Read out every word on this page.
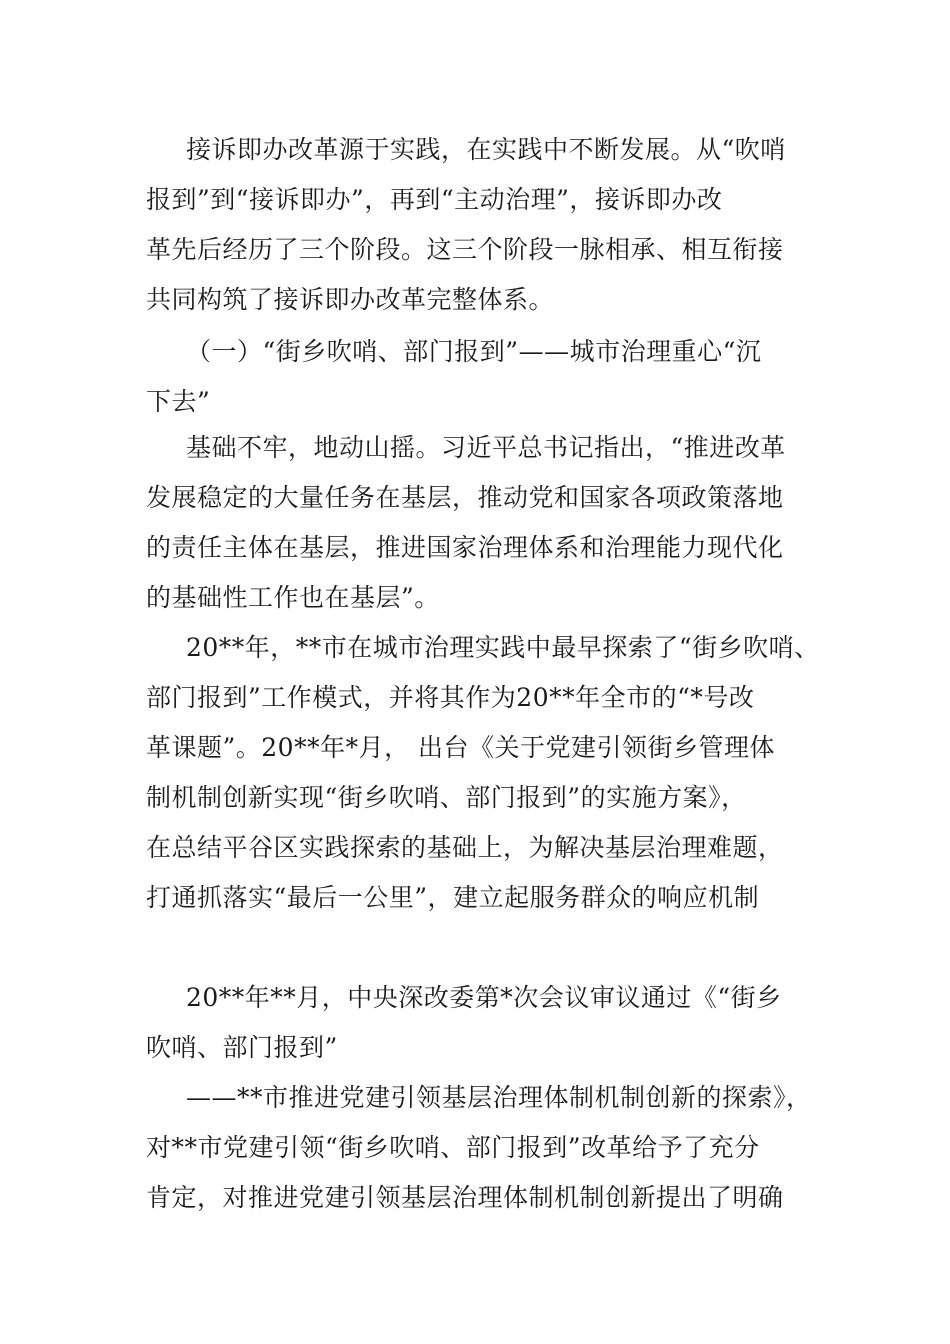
接诉即办改革源于实践，在实践中不断发展。从“吹哨
报到”到“接诉即办”，再到“主动治理”，接诉即办改
革先后经历了三个阶段。这三个阶段一脉相承、相互衔接
共同构筑了接诉即办改革完整体系。
（一）“街乡吹哨、部门报到”——城市治理重心“沉
下去”
基础不牢，地动山摇。习近平总书记指出，“推进改革
发展稳定的大量任务在基层，推动党和国家各项政策落地
的责任主体在基层，推进国家治理体系和治理能力现代化
的基础性工作也在基层”。
20**年，**市在城市治理实践中最早探索了“街乡吹哨、
部门报到”工作模式，并将其作为20**年全市的“*号改
革课题”。20**年*月， 出台《关于党建引领街乡管理体
制机制创新实现“街乡吹哨、部门报到”的实施方案》，
在总结平谷区实践探索的基础上，为解决基层治理难题，
打通抓落实“最后一公里”，建立起服务群众的响应机制
20**年**月，中央深改委第*次会议审议通过《“街乡
吹哨、部门报到”
——**市推进党建引领基层治理体制机制创新的探索》，
对**市党建引领“街乡吹哨、部门报到”改革给予了充分
肯定，对推进党建引领基层治理体制机制创新提出了明确
